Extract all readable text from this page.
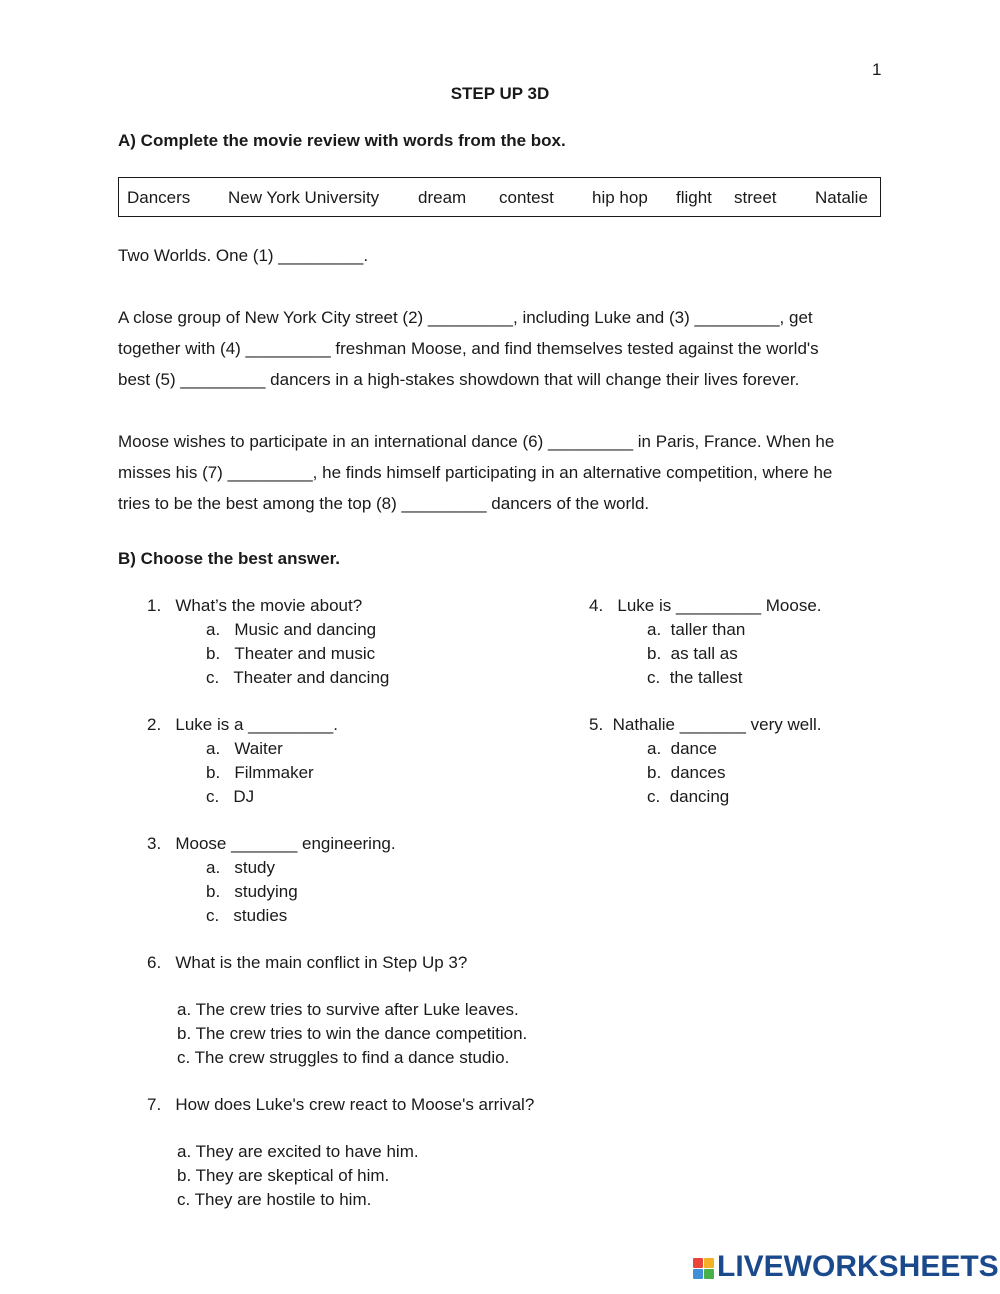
1
STEP UP 3D
A) Complete the movie review with words from the box.
Dancers New York University dream contest hip hop flight street Natalie
Two Worlds. One (1) _________.
A close group of New York City street (2) _________, including Luke and (3) _________, get
together with (4) _________ freshman Moose, and find themselves tested against the world's
best (5) _________ dancers in a high-stakes showdown that will change their lives forever.
Moose wishes to participate in an international dance (6) _________ in Paris, France. When he
misses his (7) _________, he finds himself participating in an alternative competition, where he
tries to be the best among the top (8) _________ dancers of the world.
B) Choose the best answer.
1. What’s the movie about?
a. Music and dancing
b. Theater and music
c. Theater and dancing
2. Luke is a _________.
a. Waiter
b. Filmmaker
c. DJ
3. Moose _______ engineering.
a. study
b. studying
c. studies
4. Luke is _________ Moose.
a. taller than
b. as tall as
c. the tallest
5. Nathalie _______ very well.
a. dance
b. dances
c. dancing
6. What is the main conflict in Step Up 3?
a. The crew tries to survive after Luke leaves.
b. The crew tries to win the dance competition.
c. The crew struggles to find a dance studio.
7. How does Luke's crew react to Moose's arrival?
a. They are excited to have him.
b. They are skeptical of him.
c. They are hostile to him.
LIVEWORKSHEETS
